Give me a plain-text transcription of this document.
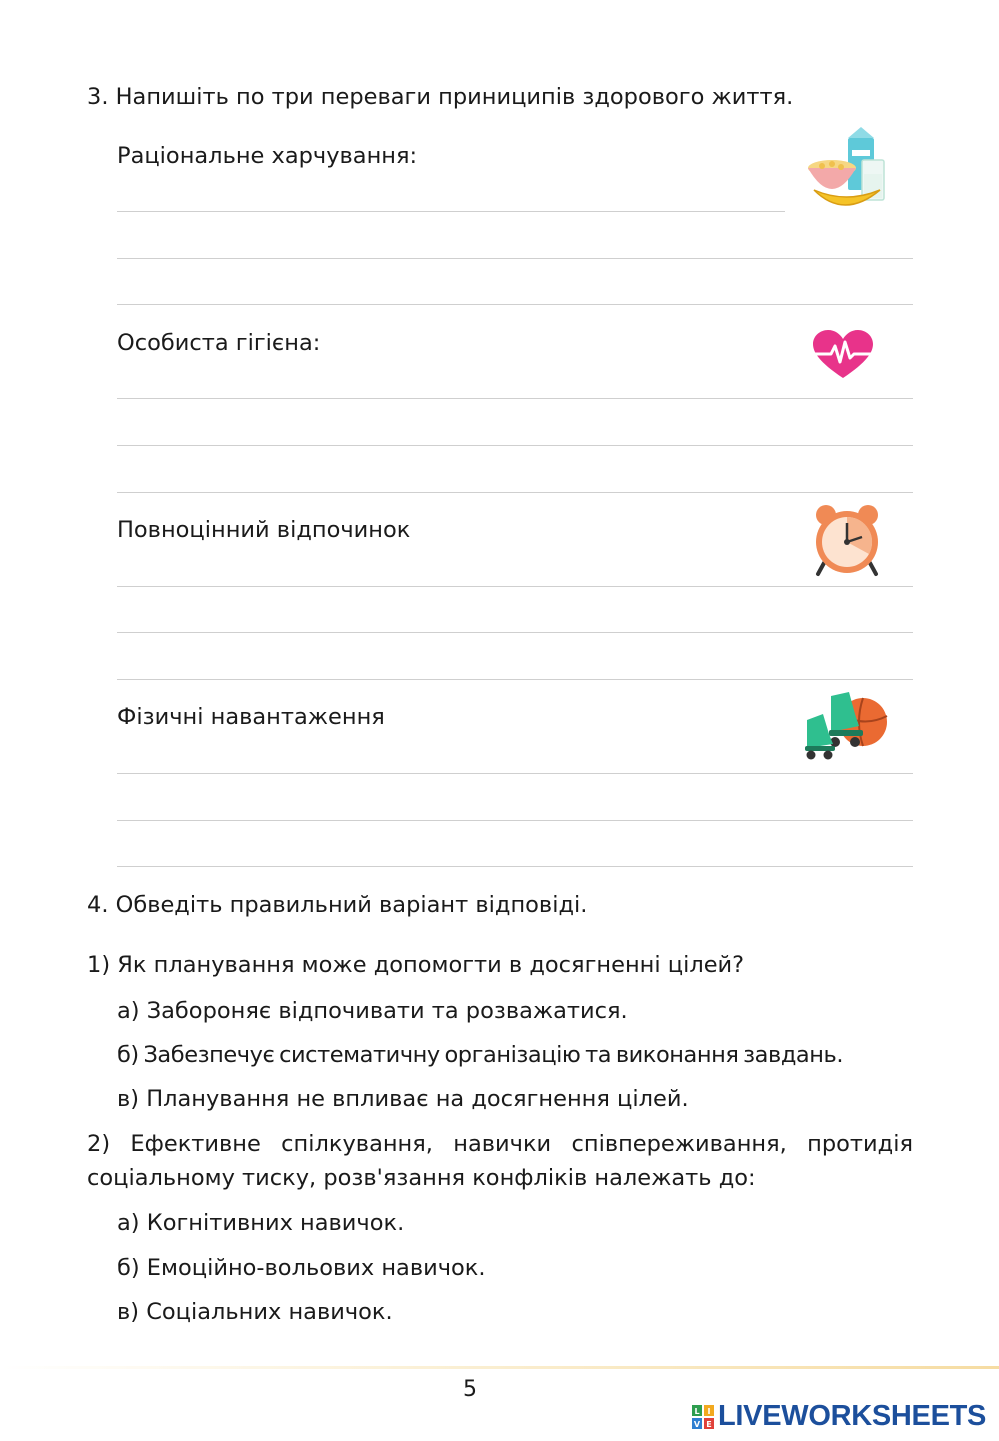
3. Напишіть по три переваги приниципів здорового життя.
Раціональне харчування:
Особиста гігієна:
Повноцінний відпочинок
Фізичні навантаження
4. Обведіть правильний варіант відповіді.
1) Як планування може допомогти в досягненні цілей?
а) Забороняє відпочивати та розважатися.
б) Забезпечує систематичну організацію та виконання завдань.
в) Планування не впливає на досягнення цілей.
2) Ефективне спілкування, навички співпереживання, протидія соціальному тиску, розв'язання конфліків належать до:
а) Когнітивних навичок.
б) Емоційно-вольових навичок.
в) Соціальних навичок.
5
L I
V E LIVEWORKSHEETS
